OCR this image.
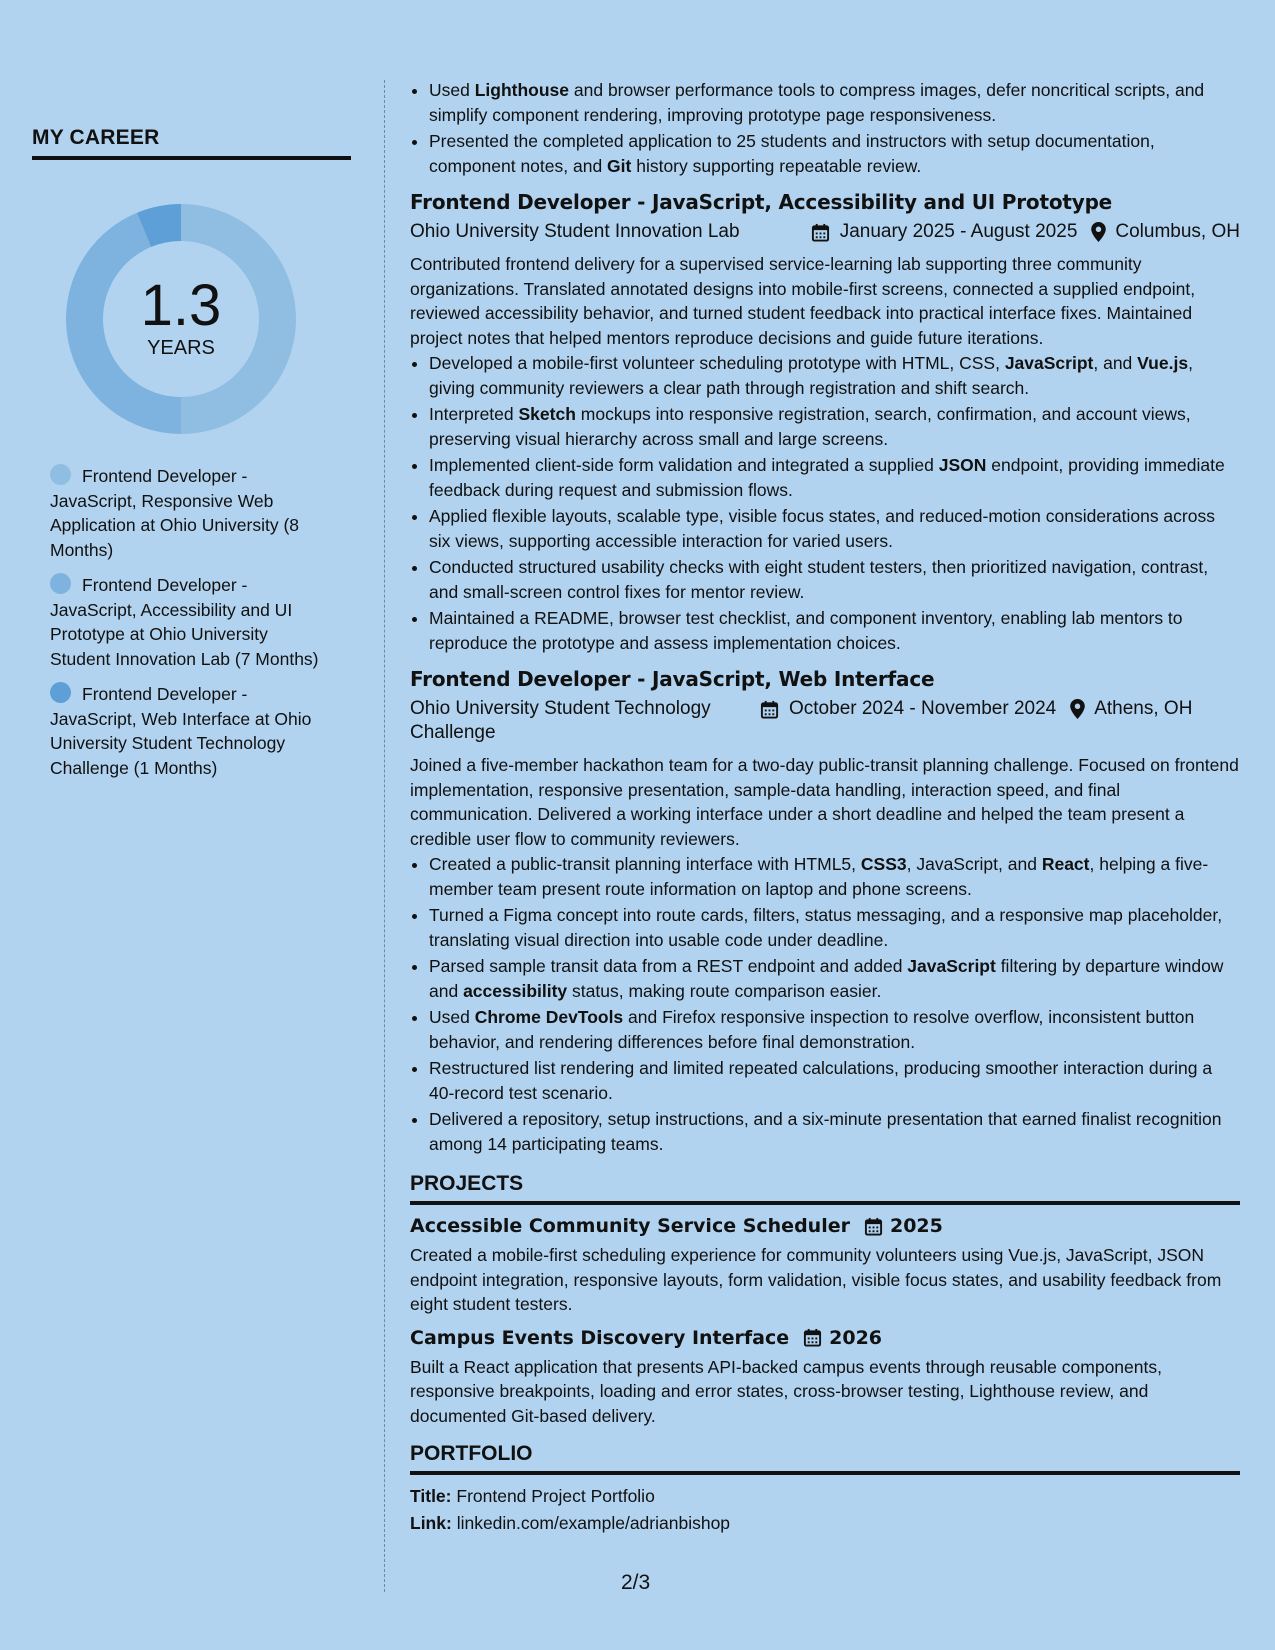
MY CAREER
1.3
YEARS
Frontend Developer - JavaScript, Responsive Web Application at Ohio University (8 Months)
Frontend Developer - JavaScript, Accessibility and UI Prototype at Ohio University Student Innovation Lab (7 Months)
Frontend Developer - JavaScript, Web Interface at Ohio University Student Technology Challenge (1 Months)
• Used Lighthouse and browser performance tools to compress images, defer noncritical scripts, and simplify component rendering, improving prototype page responsiveness.
• Presented the completed application to 25 students and instructors with setup documentation, component notes, and Git history supporting repeatable review.
Frontend Developer - JavaScript, Accessibility and UI Prototype
Ohio University Student Innovation Lab	January 2025 - August 2025 Columbus, OH

Contributed frontend delivery for a supervised service-learning lab supporting three community organizations. Translated annotated designs into mobile-first screens, connected a supplied endpoint, reviewed accessibility behavior, and turned student feedback into practical interface fixes. Maintained project notes that helped mentors reproduce decisions and guide future iterations.

• Developed a mobile-first volunteer scheduling prototype with HTML, CSS, JavaScript, and Vue.js, giving community reviewers a clear path through registration and shift search.
• Interpreted Sketch mockups into responsive registration, search, confirmation, and account views, preserving visual hierarchy across small and large screens.
• Implemented client-side form validation and integrated a supplied JSON endpoint, providing immediate feedback during request and submission flows.
• Applied flexible layouts, scalable type, visible focus states, and reduced-motion considerations across six views, supporting accessible interaction for varied users.
• Conducted structured usability checks with eight student testers, then prioritized navigation, contrast, and small-screen control fixes for mentor review.
• Maintained a README, browser test checklist, and component inventory, enabling lab mentors to reproduce the prototype and assess implementation choices.
Frontend Developer - JavaScript, Web Interface
Ohio University Student Technology Challenge
October 2024 - November 2024 Athens, OH

Joined a five-member hackathon team for a two-day public-transit planning challenge. Focused on frontend implementation, responsive presentation, sample-data handling, interaction speed, and final communication. Delivered a working interface under a short deadline and helped the team present a credible user flow to community reviewers.

• Created a public-transit planning interface with HTML5, CSS3, JavaScript, and React, helping a five-member team present route information on laptop and phone screens.
• Turned a Figma concept into route cards, filters, status messaging, and a responsive map placeholder, translating visual direction into usable code under deadline.
• Parsed sample transit data from a REST endpoint and added JavaScript filtering by departure window and accessibility status, making route comparison easier.
• Used Chrome DevTools and Firefox responsive inspection to resolve overflow, inconsistent button behavior, and rendering differences before final demonstration.
• Restructured list rendering and limited repeated calculations, producing smoother interaction during a 40-record test scenario.
• Delivered a repository, setup instructions, and a six-minute presentation that earned finalist recognition among 14 participating teams.
PROJECTS
Accessible Community Service Scheduler 2025

Created a mobile-first scheduling experience for community volunteers using Vue.js, JavaScript, JSON endpoint integration, responsive layouts, form validation, visible focus states, and usability feedback from eight student testers.

Campus Events Discovery Interface 2026

Built a React application that presents API-backed campus events through reusable components, responsive breakpoints, loading and error states, cross-browser testing, Lighthouse review, and documented Git-based delivery.

PORTFOLIO
Title: Frontend Project Portfolio
Link: linkedin.com/example/adrianbishop
2/3
